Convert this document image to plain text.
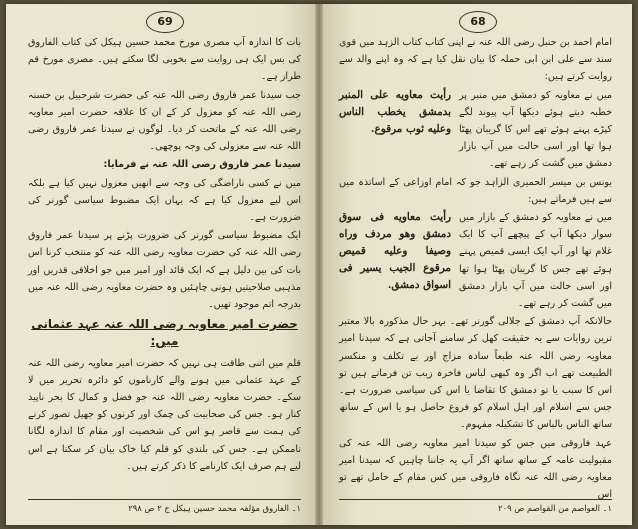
69

بات کا اندازہ آپ مصری مورخ محمد حسین ہیکل کی کتاب الفاروق کی بس ایک ہی روایت سے بخوبی لگا سکتے ہیں۔ مصری مورخ قم طراز ہے۔

جب سیدنا عمر فاروق رضی اللہ عنہ کی حضرت شرحبیل بن حسنہ رضی اللہ عنہ کو معزول کر کے ان کا علاقہ حضرت امیر معاویہ رضی اللہ عنہ کے ماتحت کر دیا۔ لوگوں نے سیدنا عمر فاروق رضی اللہ عنہ سے معزولی کی وجہ پوچھی۔

سیدنا عمر فاروق رضی اللہ عنہ نے فرمایا:

میں نے کسی ناراضگی کی وجہ سے انھیں معزول نہیں کیا ہے بلکہ اس لیے معزول کیا ہے کہ یہاں ایک مضبوط سیاسی گورنر کی ضرورت ہے۔

ایک مضبوط سیاسی گورنر کی ضرورت پڑنے پر سیدنا عمر فاروق رضی اللہ عنہ کی حضرت معاویہ رضی اللہ عنہ کو منتخب کرنا اس بات کی بین دلیل ہے کہ ایک قائد اور امیر میں جو اخلاقی قدریں اور مذہبی صلاحیتیں ہونی چاہئیں وہ حضرت معاویہ رضی اللہ عنہ میں بدرجہ اتم موجود تھیں۔

حضرت امیر معاویہ رضی اللہ عنہ عہد عثمانی میں:

قلم میں اتنی طاقت ہی نہیں کہ حضرت امیر معاویہ رضی اللہ عنہ کے عہد عثمانی میں ہونے والے کارناموں کو دائرہ تحریر میں لا سکے۔ حضرت معاویہ رضی اللہ عنہ جو فضل و کمال کا بحر ناپید کنار ہو۔ جس کی صحابیت کی چمک اور کرنوں کو جھیل تصور کرنے کی ہمت سے قاصر ہو اس کی شخصیت اور مقام کا اندازہ لگانا ناممکن ہے۔ جس کی بلندی کو قلم کیا خاک بیان کر سکتا ہے اس لیے ہم صرف ایک کارنامے کا ذکر کرتے ہیں۔

۱۔ الفاروق مؤلفہ محمد حسین ہیکل ج ۲ ص ۲۹۸
68

امام احمد بن حنبل رضی اللہ عنہ نے اپنی کتاب کتاب الزہد میں قوی سند سے علی ابن ابی حملہ کا بیان نقل کیا ہے کہ وہ اپنے والد سے روایت کرتے ہیں:

میں نے معاویہ کو دمشق میں منبر پر خطبہ دیتے ہوئے دیکھا آپ پیوند لگے کپڑے پہنے ہوئے تھے اس کا گریبان پھٹا ہوا تھا اور اسی حالت میں آپ بازار دمشق میں گشت کر رہے تھے۔
رأيت معاويه على المنبر بدمشق يخطب الناس وعليه ثوب مرقوع.

یونس بن میسر الحمیری الزاہد جو کہ امام اوزاعی کے اساتذہ میں سے ہیں فرماتے ہیں:

میں نے معاویہ کو دمشق کے بازار میں سوار دیکھا آپ کے پیچھے آپ کا ایک غلام تھا اور آپ ایک ایسی قمیص پہنے ہوئے تھے جس کا گریبان پھٹا ہوا تھا اور اسی حالت میں آپ بازار دمشق میں گشت کر رہے تھے۔
رأيت معاويه فى سوق دمشق وهو مردف وراه وصيفا وعليه قميص مرقوع الجيب يسير فى اسواق دمشق.

حالانکہ آپ دمشق کے جلالی گورنر تھے۔ بہر حال مذکورہ بالا معتبر ترین روایات سے یہ حقیقت کھل کر سامنے آجاتی ہے کہ سیدنا امیر معاویہ رضی اللہ عنہ طبعاً سادہ مزاج اور بے تکلف و منکسر الطبیعت تھے اب اگر وہ کبھی لباس فاخرہ زیب تن فرماتے ہیں تو اس کا سبب یا تو دمشق کا تقاضا یا اس کی سیاسی ضرورت ہے۔ جس سے اسلام اور اہل اسلام کو فروغ حاصل ہو یا اس کے ساتھ ساتھ الناس بالباس کا تشکیلہ مفہوم۔

عہد فاروقی میں جس کو سیدنا امیر معاویہ رضی اللہ عنہ کی مقبولیت عامہ کے ساتھ ساتھ اگر آپ یہ جاننا چاہیں کہ سیدنا امیر معاویہ رضی اللہ عنہ نگاہ فاروقی میں کس مقام کے حامل تھے تو اس

۱۔ العواصم من القواصم ص ۲۰۹
